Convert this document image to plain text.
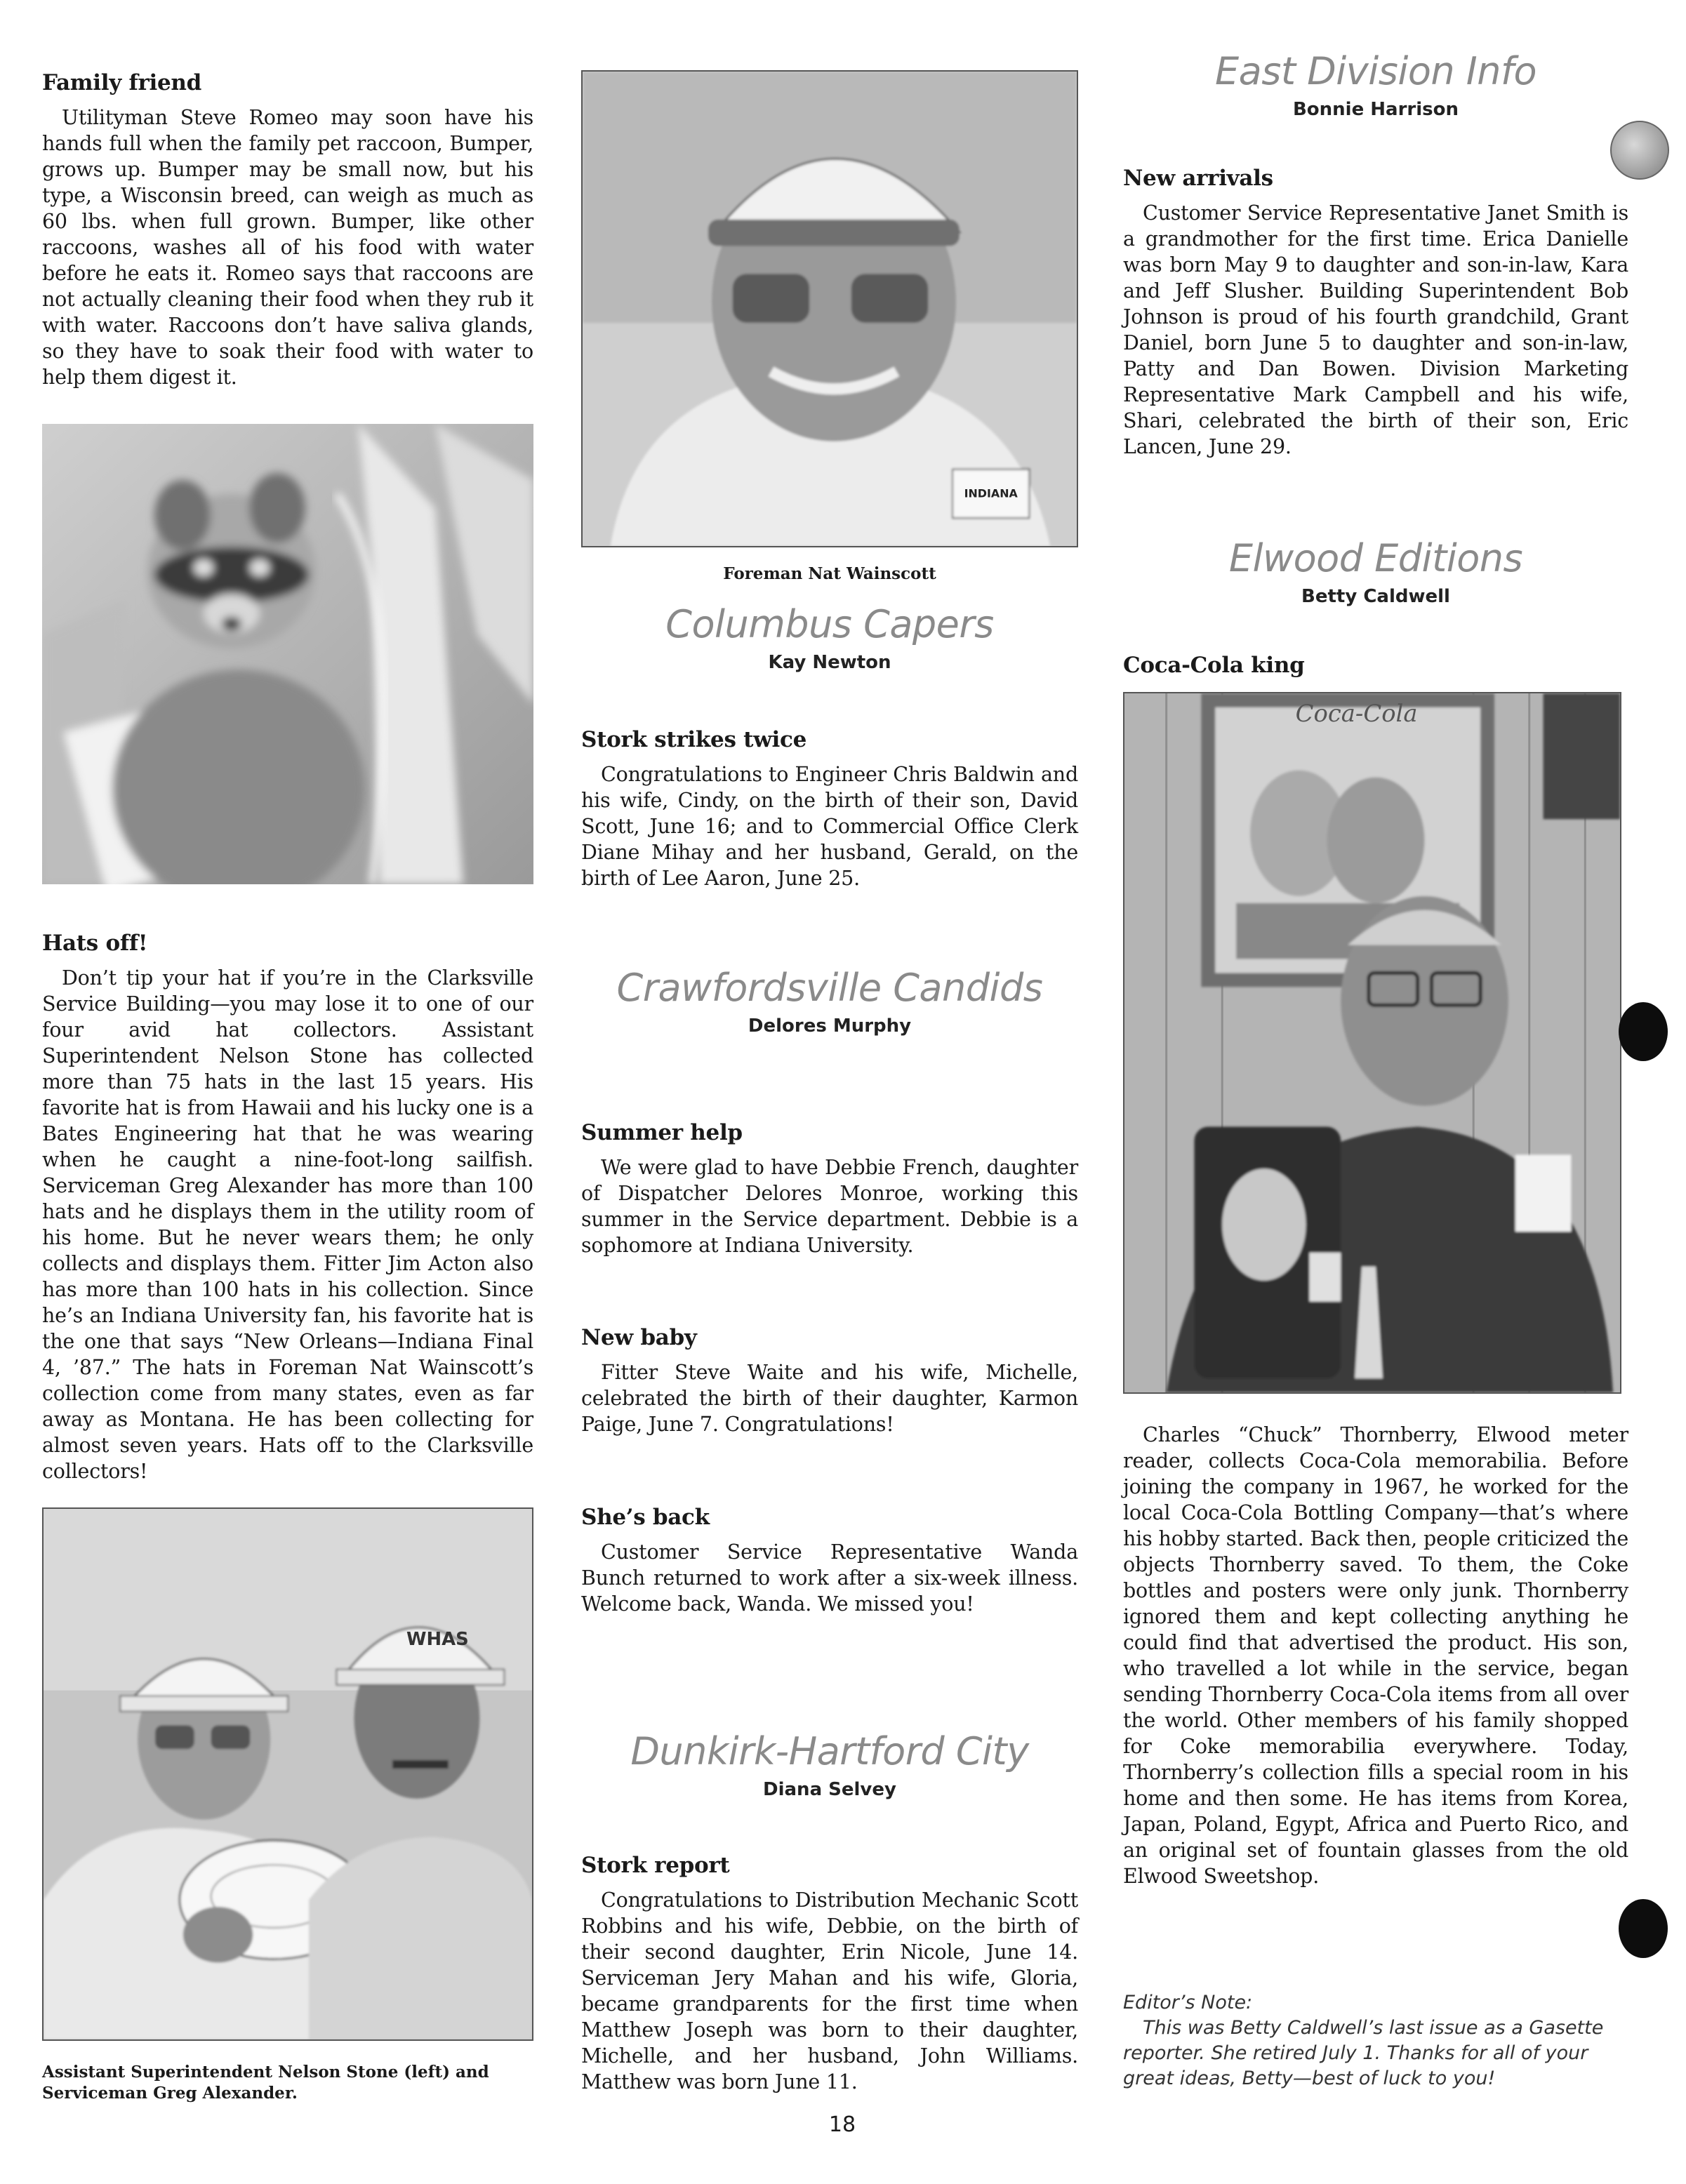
Family friend

Utilityman Steve Romeo may soon have his hands full when the family pet raccoon, Bumper, grows up. Bumper may be small now, but his type, a Wisconsin breed, can weigh as much as 60 lbs. when full grown. Bumper, like other raccoons, washes all of his food with water before he eats it. Romeo says that raccoons are not actually cleaning their food when they rub it with water. Raccoons don’t have saliva glands, so they have to soak their food with water to help them digest it.

Hats off!

Don’t tip your hat if you’re in the Clarksville Service Building—you may lose it to one of our four avid hat collectors. Assistant Superintendent Nelson Stone has collected more than 75 hats in the last 15 years. His favorite hat is from Hawaii and his lucky one is a Bates Engineering hat that he was wearing when he caught a nine-foot-long sailfish. Serviceman Greg Alexander has more than 100 hats and he displays them in the utility room of his home. But he never wears them; he only collects and displays them. Fitter Jim Acton also has more than 100 hats in his collection. Since he’s an Indiana University fan, his favorite hat is the one that says “New Orleans—Indiana Final 4, ’87.” The hats in Foreman Nat Wainscott’s collection come from many states, even as far away as Montana. He has been collecting for almost seven years. Hats off to the Clarksville collectors!

WHAS
Assistant Superintendent Nelson Stone (left) and Serviceman Greg Alexander.
INDIANA
Foreman Nat Wainscott
Columbus Capers
Kay Newton
Stork strikes twice

Congratulations to Engineer Chris Baldwin and his wife, Cindy, on the birth of their son, David Scott, June 16; and to Commercial Office Clerk Diane Mihay and her husband, Gerald, on the birth of Lee Aaron, June 25.

Crawfordsville Candids
Delores Murphy
Summer help

We were glad to have Debbie French, daughter of Dispatcher Delores Monroe, working this summer in the Service department. Debbie is a sophomore at Indiana University.

New baby

Fitter Steve Waite and his wife, Michelle, celebrated the birth of their daughter, Karmon Paige, June 7. Congratulations!

She’s back

Customer Service Representative Wanda Bunch returned to work after a six-week illness. Welcome back, Wanda. We missed you!

Dunkirk-Hartford City
Diana Selvey
Stork report

Congratulations to Distribution Mechanic Scott Robbins and his wife, Debbie, on the birth of their second daughter, Erin Nicole, June 14. Serviceman Jery Mahan and his wife, Gloria, became grandparents for the first time when Matthew Joseph was born to their daughter, Michelle, and her husband, John Williams. Matthew was born June 11.

East Division Info
Bonnie Harrison
New arrivals

Customer Service Representative Janet Smith is a grandmother for the first time. Erica Danielle was born May 9 to daughter and son-in-law, Kara and Jeff Slusher. Building Superintendent Bob Johnson is proud of his fourth grandchild, Grant Daniel, born June 5 to daughter and son-in-law, Patty and Dan Bowen. Division Marketing Representative Mark Campbell and his wife, Shari, celebrated the birth of their son, Eric Lancen, June 29.

Elwood Editions
Betty Caldwell
Coca-Cola king
Coca-Cola

Charles “Chuck” Thornberry, Elwood meter reader, collects Coca-Cola memorabilia. Before joining the company in 1967, he worked for the local Coca-Cola Bottling Company—that’s where his hobby started. Back then, people criticized the objects Thornberry saved. To them, the Coke bottles and posters were only junk. Thornberry ignored them and kept collecting anything he could find that advertised the product. His son, who travelled a lot while in the service, began sending Thornberry Coca-Cola items from all over the world. Other members of his family shopped for Coke memorabilia everywhere. Today, Thornberry’s collection fills a special room in his home and then some. He has items from Korea, Japan, Poland, Egypt, Africa and Puerto Rico, and an original set of fountain glasses from the old Elwood Sweetshop.

Editor’s Note:

This was Betty Caldwell’s last issue as a Gasette reporter. She retired July 1. Thanks for all of your great ideas, Betty—best of luck to you!

18
